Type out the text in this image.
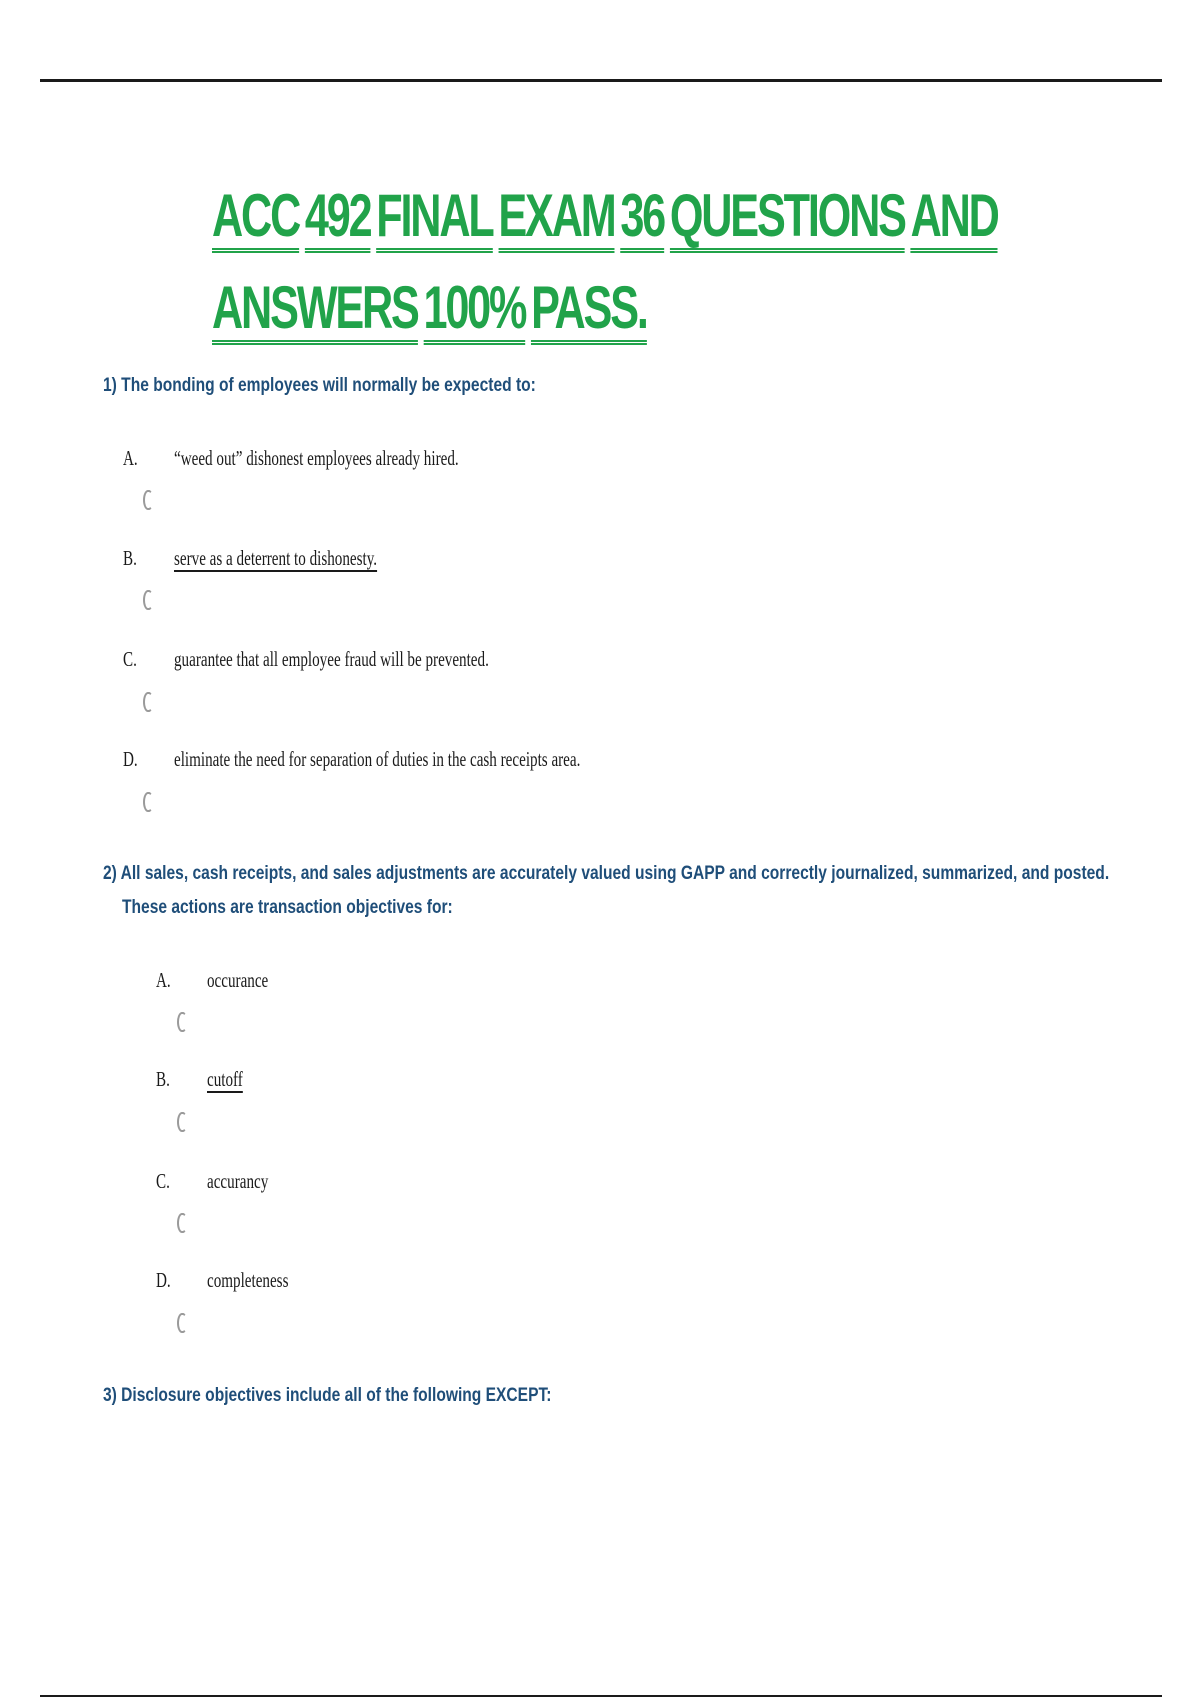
ACC492FINALEXAM36QUESTIONSAND
ANSWERS100%PASS.
1) The bonding of employees will normally be expected to:
A. “weed out” dishonest employees already hired.
B. serve as a deterrent to dishonesty.
C. guarantee that all employee fraud will be prevented.
D. eliminate the need for separation of duties in the cash receipts area.
2) All sales, cash receipts, and sales adjustments are accurately valued using GAPP and correctly journalized, summarized, and posted.
These actions are transaction objectives for:
A. occurance
B. cutoff
C. accurancy
D. completeness
3) Disclosure objectives include all of the following EXCEPT:
